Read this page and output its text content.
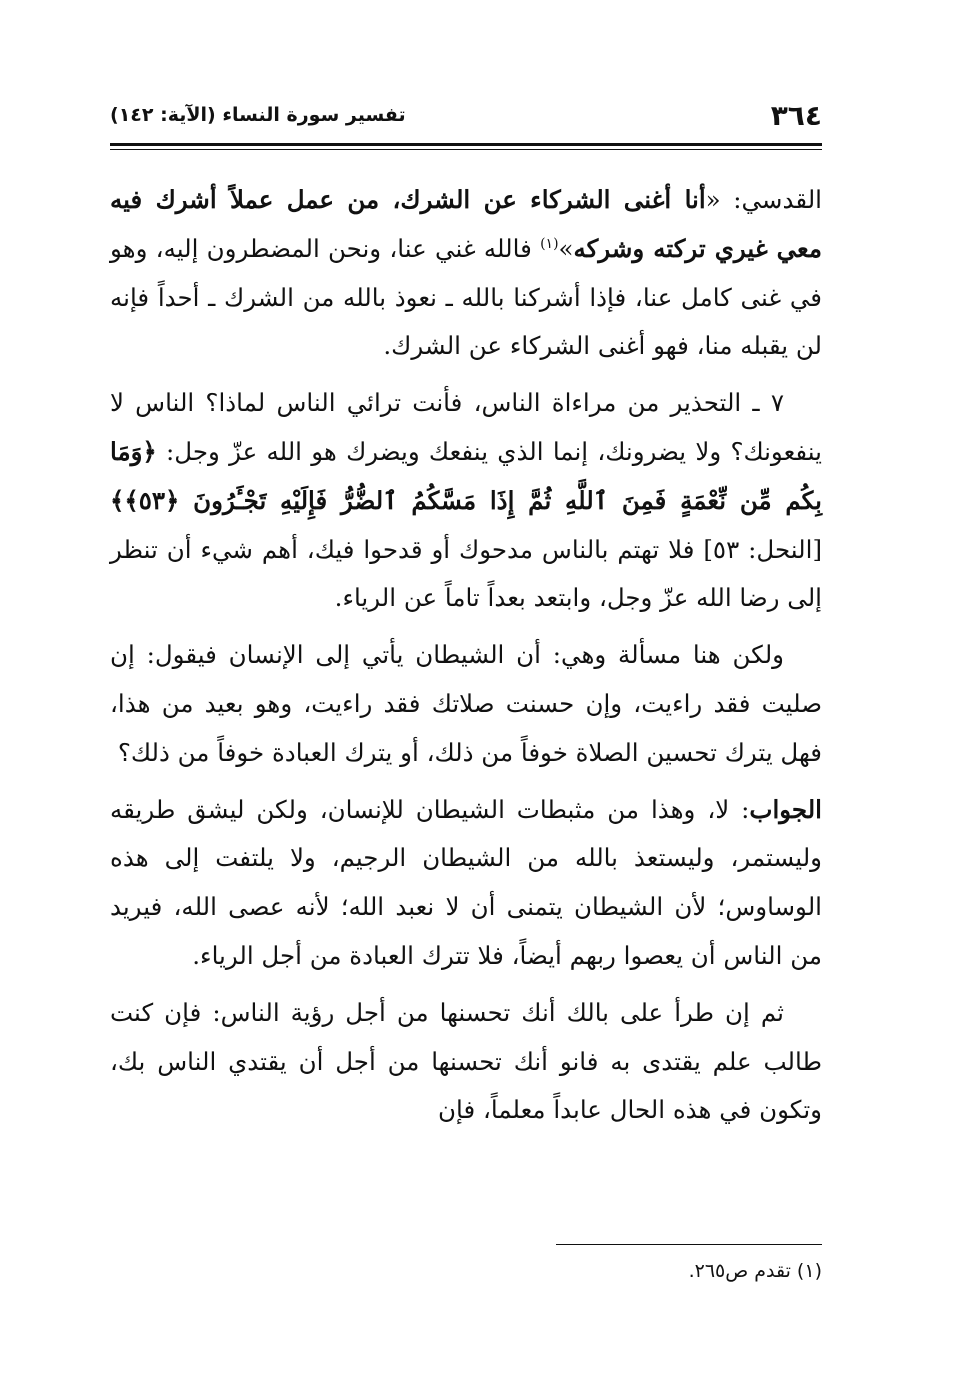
٣٦٤
تفسير سورة النساء (الآية: ١٤٢)

القدسي: «أنا أغنى الشركاء عن الشرك، من عمل عملاً أشرك فيه معي غيري تركته وشركه»$^{(١)}$ فالله غني عنا، ونحن المضطرون إليه، وهو في غنى كامل عنا، فإذا أشركنا بالله ـ نعوذ بالله من الشرك ـ أحداً فإنه لن يقبله منا، فهو أغنى الشركاء عن الشرك.

٧ ـ التحذير من مراءاة الناس، فأنت ترائي الناس لماذا؟ الناس لا ينفعونك؟ ولا يضرونك، إنما الذي ينفعك ويضرك هو الله عزّ وجل: ﴿وَمَا بِكُم مِّن نِّعْمَةٍ فَمِنَ ٱللَّهِ ثُمَّ إِذَا مَسَّكُمُ ٱلضُّرُّ فَإِلَيْهِ تَجْـَٔرُونَ ﴿٥٣﴾﴾ [النحل: ٥٣] فلا تهتم بالناس مدحوك أو قدحوا فيك، أهم شيء أن تنظر إلى رضا الله عزّ وجل، وابتعد بعداً تاماً عن الرياء.

ولكن هنا مسألة وهي: أن الشيطان يأتي إلى الإنسان فيقول: إن صليت فقد راءيت، وإن حسنت صلاتك فقد راءيت، وهو بعيد من هذا، فهل يترك تحسين الصلاة خوفاً من ذلك، أو يترك العبادة خوفاً من ذلك؟

الجواب: لا، وهذا من مثبطات الشيطان للإنسان، ولكن ليشق طريقه وليستمر، وليستعذ بالله من الشيطان الرجيم، ولا يلتفت إلى هذه الوساوس؛ لأن الشيطان يتمنى أن لا نعبد الله؛ لأنه عصى الله، فيريد من الناس أن يعصوا ربهم أيضاً، فلا تترك العبادة من أجل الرياء.

ثم إن طرأ على بالك أنك تحسنها من أجل رؤية الناس: فإن كنت طالب علم يقتدى به فانو أنك تحسنها من أجل أن يقتدي الناس بك، وتكون في هذه الحال عابداً معلماً، فإن

(١) تقدم ص٢٦٥.
